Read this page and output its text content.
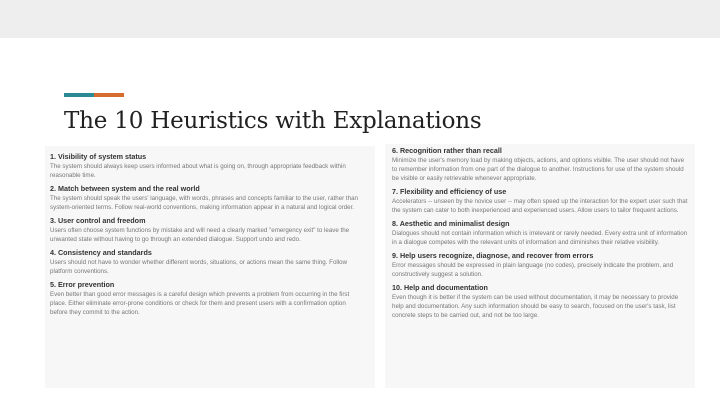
The 10 Heuristics with Explanations
1. Visibility of system status
The system should always keep users informed about what is going on, through appropriate feedback within reasonable time.
2. Match between system and the real world
The system should speak the users' language, with words, phrases and concepts familiar to the user, rather than system-oriented terms. Follow real-world conventions, making information appear in a natural and logical order.
3. User control and freedom
Users often choose system functions by mistake and will need a clearly marked "emergency exit" to leave the unwanted state without having to go through an extended dialogue. Support undo and redo.
4. Consistency and standards
Users should not have to wonder whether different words, situations, or actions mean the same thing. Follow platform conventions.
5. Error prevention
Even better than good error messages is a careful design which prevents a problem from occurring in the first place. Either eliminate error-prone conditions or check for them and present users with a confirmation option before they commit to the action.
6. Recognition rather than recall
Minimize the user's memory load by making objects, actions, and options visible. The user should not have to remember information from one part of the dialogue to another. Instructions for use of the system should be visible or easily retrievable whenever appropriate.
7. Flexibility and efficiency of use
Accelerators -- unseen by the novice user -- may often speed up the interaction for the expert user such that the system can cater to both inexperienced and experienced users. Allow users to tailor frequent actions.
8. Aesthetic and minimalist design
Dialogues should not contain information which is irrelevant or rarely needed. Every extra unit of information in a dialogue competes with the relevant units of information and diminishes their relative visibility.
9. Help users recognize, diagnose, and recover from errors
Error messages should be expressed in plain language (no codes), precisely indicate the problem, and constructively suggest a solution.
10. Help and documentation
Even though it is better if the system can be used without documentation, it may be necessary to provide help and documentation. Any such information should be easy to search, focused on the user's task, list concrete steps to be carried out, and not be too large.
